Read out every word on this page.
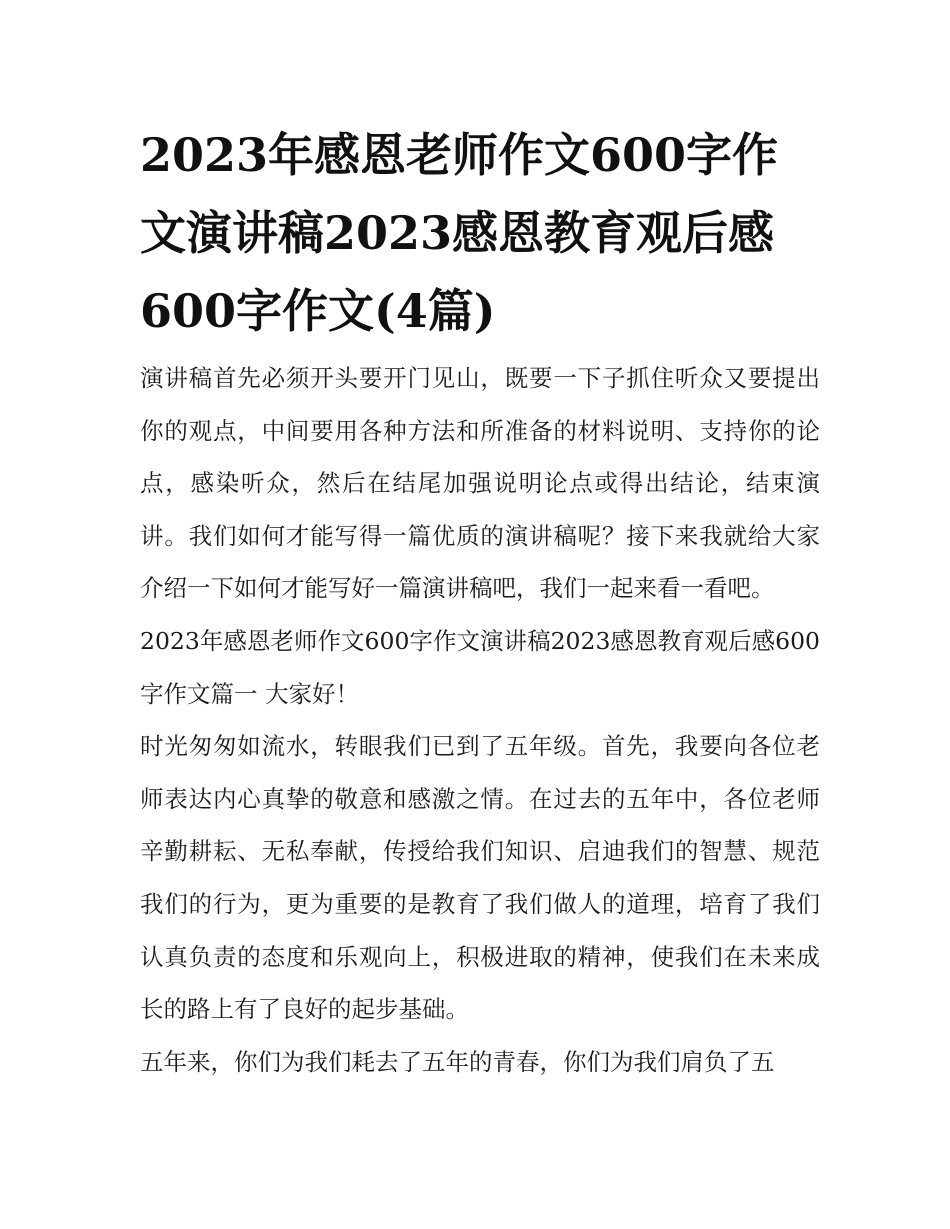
2023年感恩老师作文600字作文演讲稿2023感恩教育观后感600字作文(4篇)

演讲稿首先必须开头要开门见山，既要一下子抓住听众又要提出你的观点，中间要用各种方法和所准备的材料说明、支持你的论点，感染听众，然后在结尾加强说明论点或得出结论，结束演讲。我们如何才能写得一篇优质的演讲稿呢？接下来我就给大家介绍一下如何才能写好一篇演讲稿吧，我们一起来看一看吧。

2023年感恩老师作文600字作文演讲稿2023感恩教育观后感600字作文篇一 大家好！

时光匆匆如流水，转眼我们已到了五年级。首先，我要向各位老师表达内心真挚的敬意和感激之情。在过去的五年中，各位老师辛勤耕耘、无私奉献，传授给我们知识、启迪我们的智慧、规范我们的行为，更为重要的是教育了我们做人的道理，培育了我们认真负责的态度和乐观向上，积极进取的精神，使我们在未来成长的路上有了良好的起步基础。

五年来，你们为我们耗去了五年的青春，你们为我们肩负了五
